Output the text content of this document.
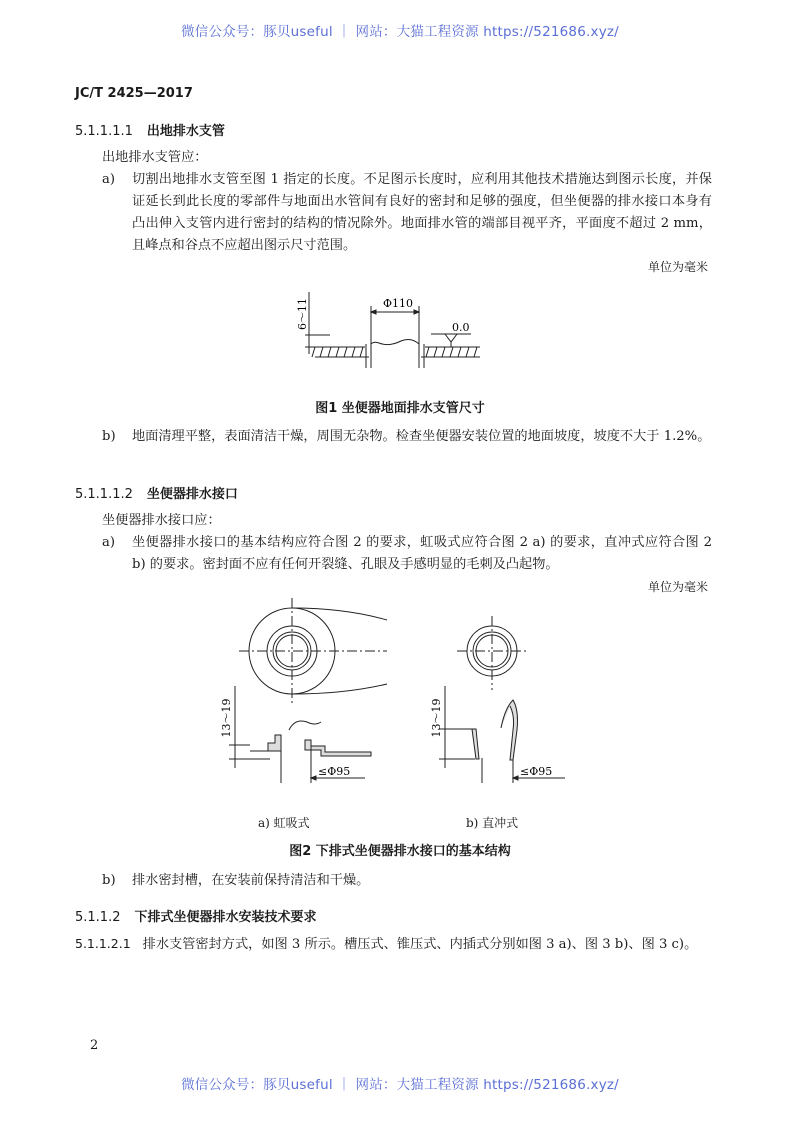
微信公众号：豚贝useful ｜ 网站：大猫工程资源 https://521686.xyz/
JC/T 2425—2017
5.1.1.1.1 出地排水支管
出地排水支管应：
a) 切割出地排水支管至图 1 指定的长度。不足图示长度时，应利用其他技术措施达到图示长度，并保证延长到此长度的零部件与地面出水管间有良好的密封和足够的强度，但坐便器的排水接口本身有凸出伸入支管内进行密封的结构的情况除外。地面排水管的端部目视平齐，平面度不超过 2 mm，且峰点和谷点不应超出图示尺寸范围。
单位为毫米
6～11	Φ110
0.0
图1 坐便器地面排水支管尺寸
b) 地面清理平整，表面清洁干燥，周围无杂物。检查坐便器安装位置的地面坡度，坡度不大于 1.2%。
5.1.1.1.2 坐便器排水接口
坐便器排水接口应：
a) 坐便器排水接口的基本结构应符合图 2 的要求，虹吸式应符合图 2 a) 的要求，直冲式应符合图 2 b) 的要求。密封面不应有任何开裂缝、孔眼及手感明显的毛刺及凸起物。
单位为毫米
13～19
≤Φ95
13～19
≤Φ95
a) 虹吸式	b) 直冲式
图2 下排式坐便器排水接口的基本结构
b) 排水密封槽，在安装前保持清洁和干燥。
5.1.1.2 下排式坐便器排水安装技术要求
5.1.1.2.1 排水支管密封方式，如图 3 所示。槽压式、锥压式、内插式分别如图 3 a)、图 3 b)、图 3 c)。
2
微信公众号：豚贝useful ｜ 网站：大猫工程资源 https://521686.xyz/
